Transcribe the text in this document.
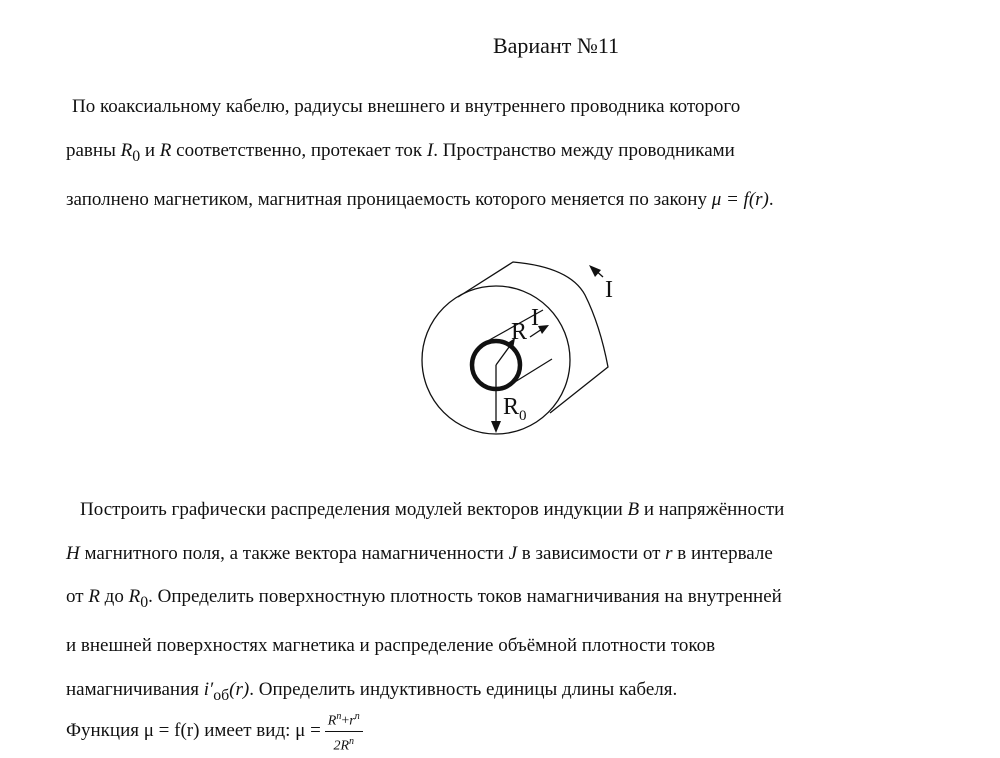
Вариант №11
По коаксиальному кабелю, радиусы внешнего и внутреннего проводника которого
равны $R_0$ и R соответственно, протекает ток I. Пространство между проводниками
заполнено магнетиком, магнитная проницаемость которого меняется по закону μ = f(r).
R
I
I
$R_0$
Построить графически распределения модулей векторов индукции B и напряжённости
H магнитного поля, а также вектора намагниченности J в зависимости от r в интервале
от R до $R_0$. Определить поверхностную плотность токов намагничивания на внутренней
и внешней поверхностях магнетика и распределение объёмной плотности токов
намагничивания $i'_{об}(r)$. Определить индуктивность единицы длины кабеля.
Функция μ = f(r) имеет вид: $\mu = \frac{R^n+r^n}{2R^n}$
